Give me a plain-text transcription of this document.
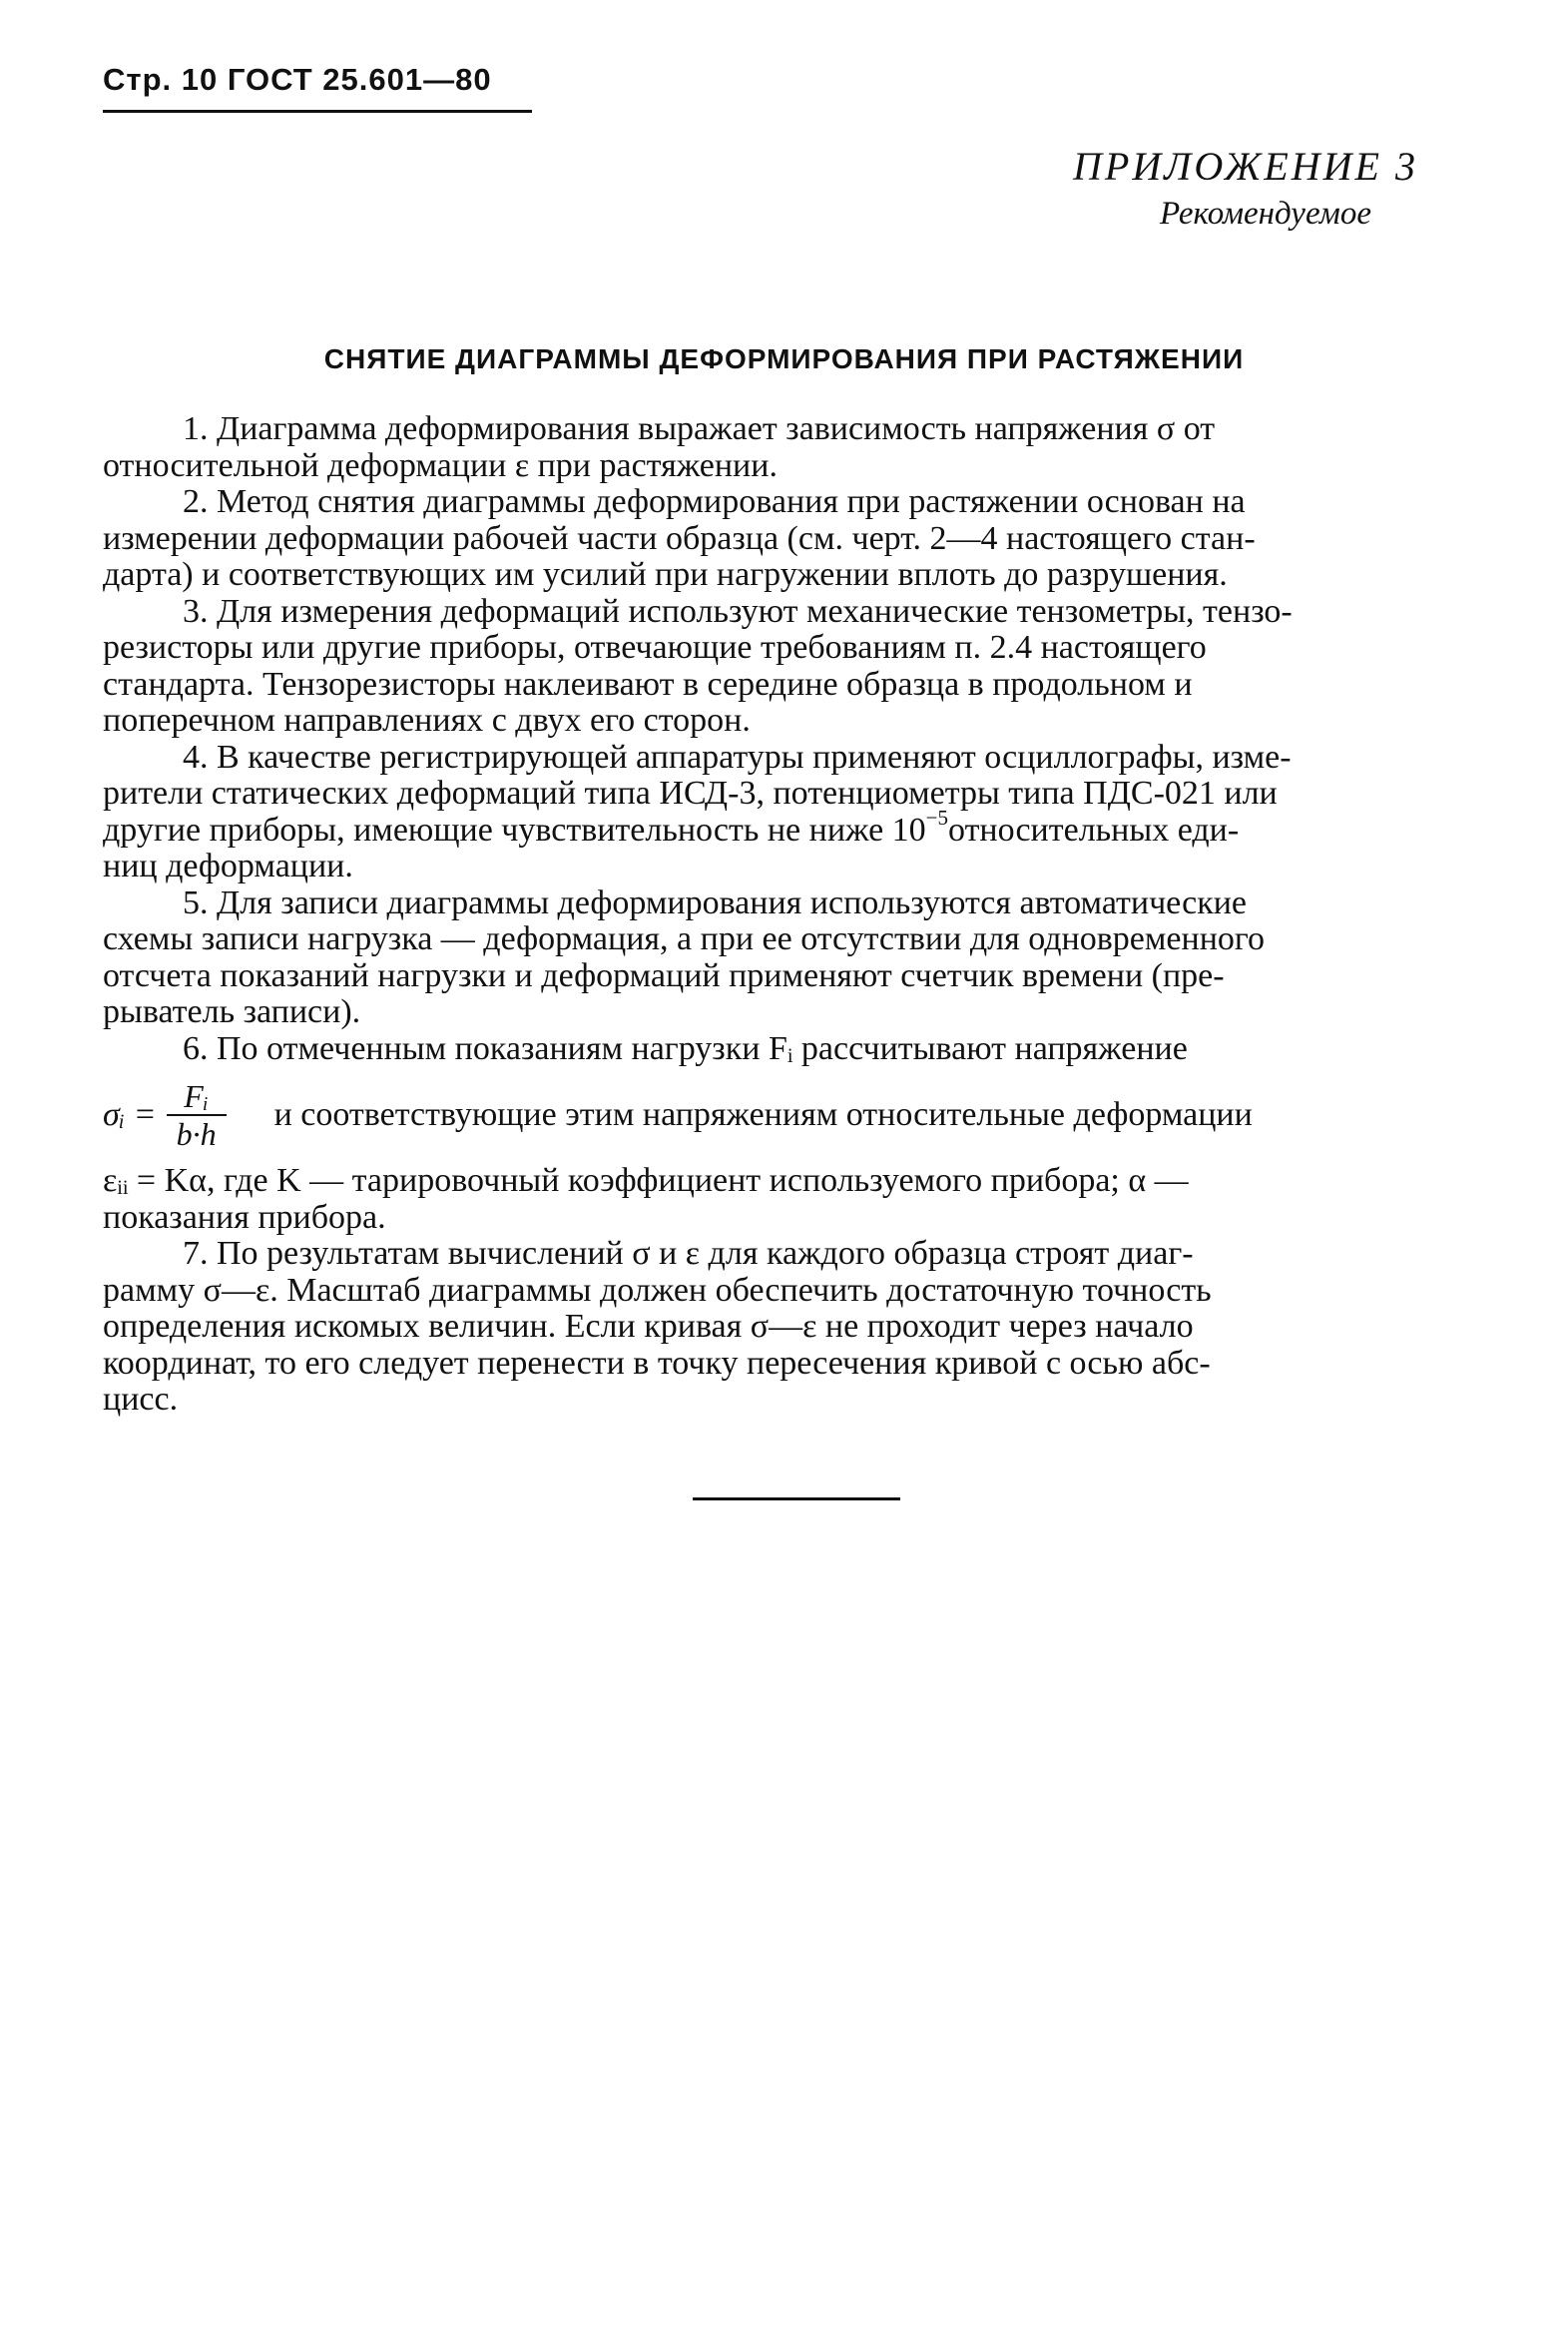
Стр. 10 ГОСТ 25.601—80
ПРИЛОЖЕНИЕ 3
Рекомендуемое
СНЯТИЕ ДИАГРАММЫ ДЕФОРМИРОВАНИЯ ПРИ РАСТЯЖЕНИИ
1. Диаграмма деформирования выражает зависимость напряжения σ от
относительной деформации ε при растяжении.
2. Метод снятия диаграммы деформирования при растяжении основан на
измерении деформации рабочей части образца (см. черт. 2—4 настоящего стан-
дарта) и соответствующих им усилий при нагружении вплоть до разрушения.
3. Для измерения деформаций используют механические тензометры, тензо-
резисторы или другие приборы, отвечающие требованиям п. 2.4 настоящего
стандарта. Тензорезисторы наклеивают в середине образца в продольном и
поперечном направлениях с двух его сторон.
4. В качестве регистрирующей аппаратуры применяют осциллографы, изме-
рители статических деформаций типа ИСД-3, потенциометры типа ПДС-021 или
другие приборы, имеющие чувствительность не ниже 10 −5 относительных еди-
ниц деформации.
5. Для записи диаграммы деформирования используются автоматические
схемы записи нагрузка — деформация, а при ее отсутствии для одновременного
отсчета показаний нагрузки и деформаций применяют счетчик времени (пре-
рыватель записи).
6. По отмеченным показаниям нагрузки Fᵢ рассчитывают напряжение
σᵢ = $\frac{\text{Fᵢ}}{b\cdot h}$ и соответствующие этим напряжениям относительные деформации
εᵢᵢ = Kα, где K — тарировочный коэффициент используемого прибора; α —
показания прибора.
7. По результатам вычислений σ и ε для каждого образца строят диаг-
рамму σ—ε. Масштаб диаграммы должен обеспечить достаточную точность
определения искомых величин. Если кривая σ—ε не проходит через начало
координат, то его следует перенести в точку пересечения кривой с осью абс-
цисс.
